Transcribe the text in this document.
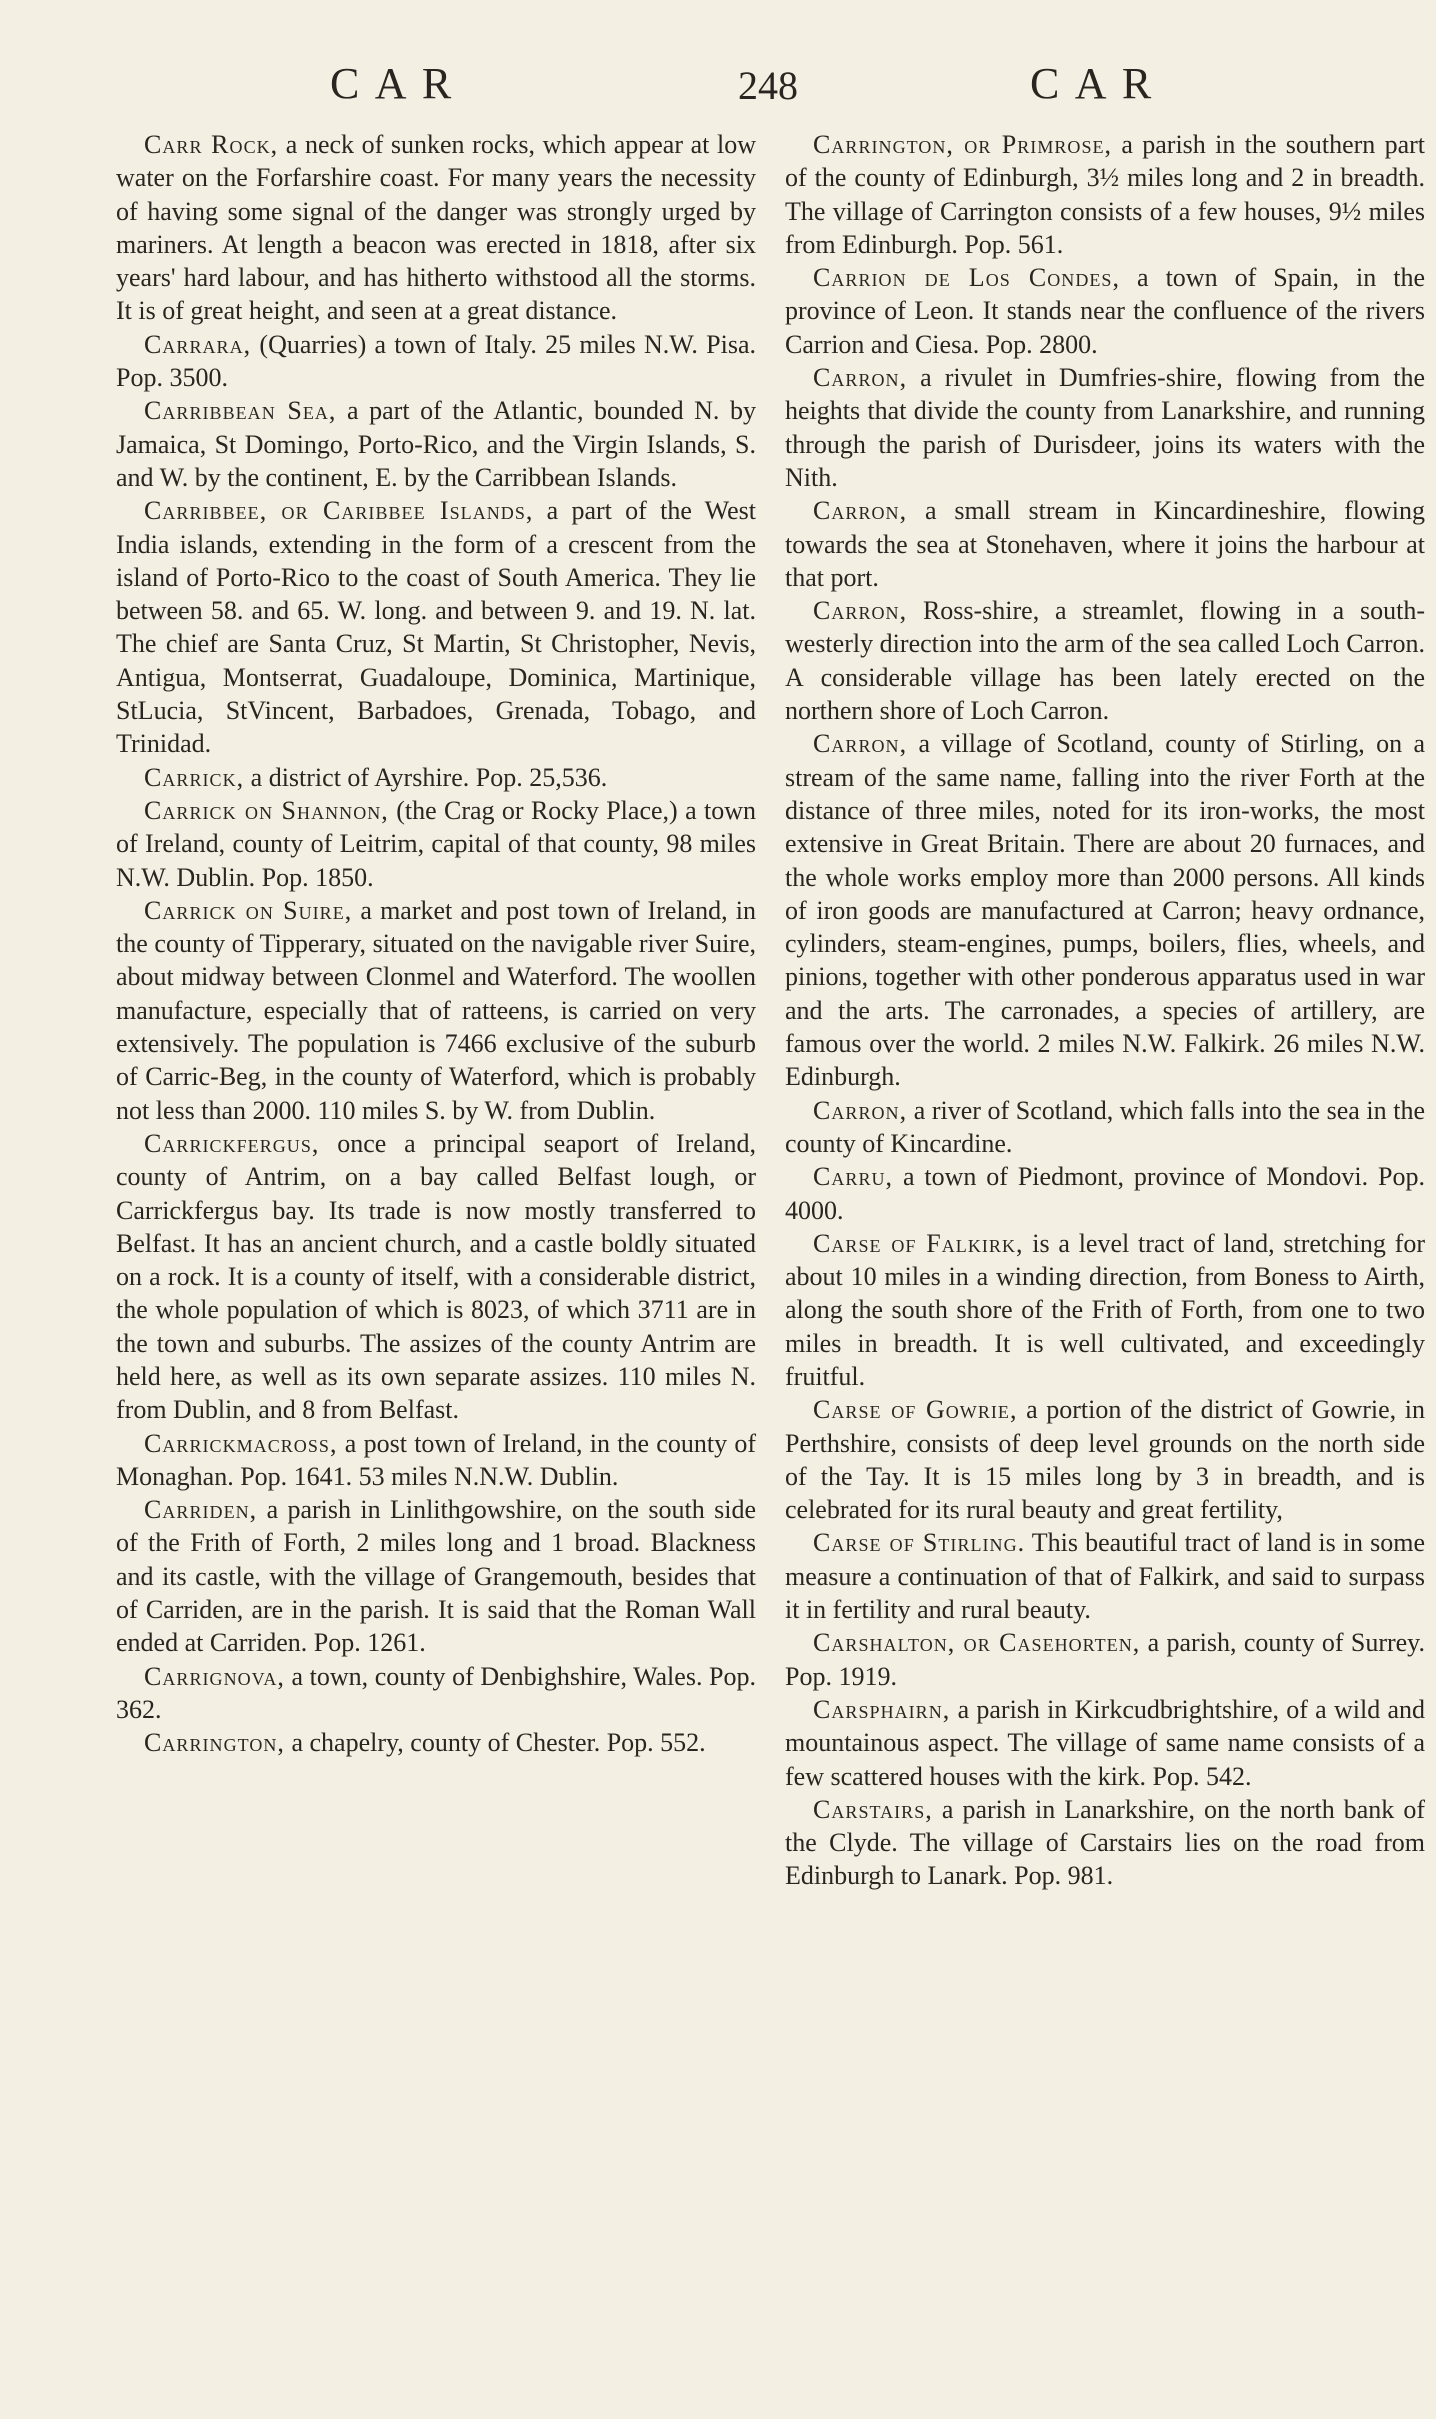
CAR	248	CAR

Carr Rock, a neck of sunken rocks, which appear at low water on the Forfarshire coast. For many years the necessity of having some signal of the danger was strongly urged by mariners. At length a beacon was erected in 1818, after six years' hard labour, and has hitherto withstood all the storms. It is of great height, and seen at a great distance.

Carrara, (Quarries) a town of Italy. 25 miles N.W. Pisa. Pop. 3500.

Carribbean Sea, a part of the Atlantic, bounded N. by Jamaica, St Domingo, Porto-Rico, and the Virgin Islands, S. and W. by the continent, E. by the Carribbean Islands.

Carribbee, or Caribbee Islands, a part of the West India islands, extending in the form of a crescent from the island of Porto-Rico to the coast of South America. They lie between 58. and 65. W. long. and between 9. and 19. N. lat. The chief are Santa Cruz, St Martin, St Christopher, Nevis, Antigua, Montserrat, Guadaloupe, Dominica, Martinique, StLucia, StVincent, Barbadoes, Grenada, Tobago, and Trinidad.

Carrick, a district of Ayrshire. Pop. 25,536.

Carrick on Shannon, (the Crag or Rocky Place,) a town of Ireland, county of Leitrim, capital of that county, 98 miles N.W. Dublin. Pop. 1850.

Carrick on Suire, a market and post town of Ireland, in the county of Tipperary, situated on the navigable river Suire, about midway between Clonmel and Waterford. The woollen manufacture, especially that of ratteens, is carried on very extensively. The population is 7466 exclusive of the suburb of Carric-Beg, in the county of Waterford, which is probably not less than 2000. 110 miles S. by W. from Dublin.

Carrickfergus, once a principal seaport of Ireland, county of Antrim, on a bay called Belfast lough, or Carrickfergus bay. Its trade is now mostly transferred to Belfast. It has an ancient church, and a castle boldly situated on a rock. It is a county of itself, with a considerable district, the whole population of which is 8023, of which 3711 are in the town and suburbs. The assizes of the county Antrim are held here, as well as its own separate assizes. 110 miles N. from Dublin, and 8 from Belfast.

Carrickmacross, a post town of Ireland, in the county of Monaghan. Pop. 1641. 53 miles N.N.W. Dublin.

Carriden, a parish in Linlithgowshire, on the south side of the Frith of Forth, 2 miles long and 1 broad. Blackness and its castle, with the village of Grangemouth, besides that of Carriden, are in the parish. It is said that the Roman Wall ended at Carriden. Pop. 1261.

Carrignova, a town, county of Denbighshire, Wales. Pop. 362.

Carrington, a chapelry, county of Chester. Pop. 552.

Carrington, or Primrose, a parish in the southern part of the county of Edinburgh, 3½ miles long and 2 in breadth. The village of Carrington consists of a few houses, 9½ miles from Edinburgh. Pop. 561.

Carrion de Los Condes, a town of Spain, in the province of Leon. It stands near the confluence of the rivers Carrion and Ciesa. Pop. 2800.

Carron, a rivulet in Dumfries-shire, flowing from the heights that divide the county from Lanarkshire, and running through the parish of Durisdeer, joins its waters with the Nith.

Carron, a small stream in Kincardineshire, flowing towards the sea at Stonehaven, where it joins the harbour at that port.

Carron, Ross-shire, a streamlet, flowing in a south-westerly direction into the arm of the sea called Loch Carron. A considerable village has been lately erected on the northern shore of Loch Carron.

Carron, a village of Scotland, county of Stirling, on a stream of the same name, falling into the river Forth at the distance of three miles, noted for its iron-works, the most extensive in Great Britain. There are about 20 furnaces, and the whole works employ more than 2000 persons. All kinds of iron goods are manufactured at Carron; heavy ordnance, cylinders, steam-engines, pumps, boilers, flies, wheels, and pinions, together with other ponderous apparatus used in war and the arts. The carronades, a species of artillery, are famous over the world. 2 miles N.W. Falkirk. 26 miles N.W. Edinburgh.

Carron, a river of Scotland, which falls into the sea in the county of Kincardine.

Carru, a town of Piedmont, province of Mondovi. Pop. 4000.

Carse of Falkirk, is a level tract of land, stretching for about 10 miles in a winding direction, from Boness to Airth, along the south shore of the Frith of Forth, from one to two miles in breadth. It is well cultivated, and exceedingly fruitful.

Carse of Gowrie, a portion of the district of Gowrie, in Perthshire, consists of deep level grounds on the north side of the Tay. It is 15 miles long by 3 in breadth, and is celebrated for its rural beauty and great fertility,

Carse of Stirling. This beautiful tract of land is in some measure a continuation of that of Falkirk, and said to surpass it in fertility and rural beauty.

Carshalton, or Casehorten, a parish, county of Surrey. Pop. 1919.

Carsphairn, a parish in Kirkcudbrightshire, of a wild and mountainous aspect. The village of same name consists of a few scattered houses with the kirk. Pop. 542.

Carstairs, a parish in Lanarkshire, on the north bank of the Clyde. The village of Carstairs lies on the road from Edinburgh to Lanark. Pop. 981.
